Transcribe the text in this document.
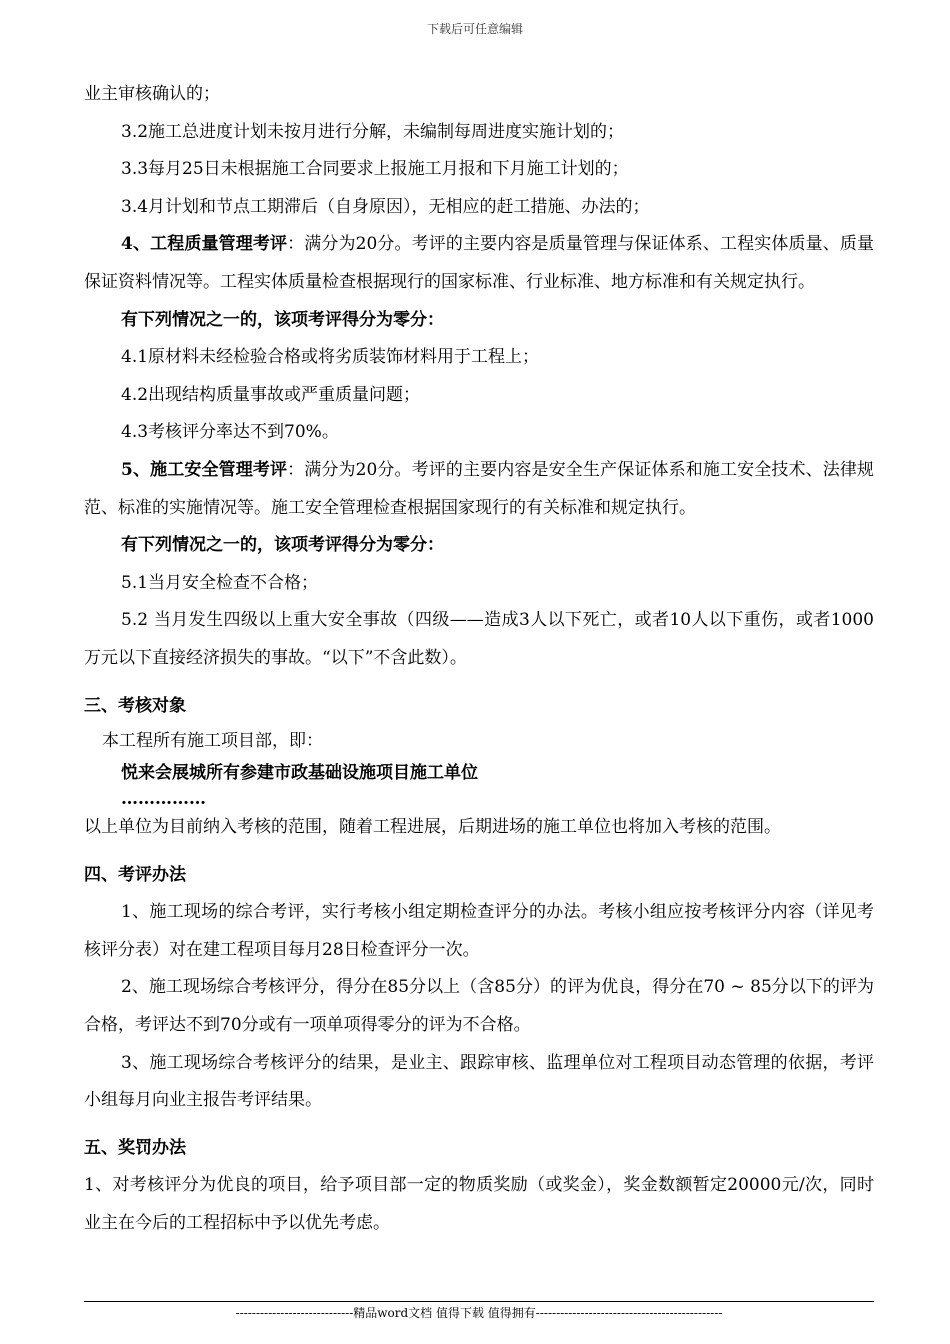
下载后可任意编辑

业主审核确认的；

3.2施工总进度计划未按月进行分解，未编制每周进度实施计划的；

3.3每月25日未根据施工合同要求上报施工月报和下月施工计划的；

3.4月计划和节点工期滞后（自身原因），无相应的赶工措施、办法的；

4、工程质量管理考评：满分为20分。考评的主要内容是质量管理与保证体系、工程实体质量、质量保证资料情况等。工程实体质量检查根据现行的国家标准、行业标准、地方标准和有关规定执行。

有下列情况之一的，该项考评得分为零分：

4.1原材料未经检验合格或将劣质装饰材料用于工程上；

4.2出现结构质量事故或严重质量问题；

4.3考核评分率达不到70%。

5、施工安全管理考评：满分为20分。考评的主要内容是安全生产保证体系和施工安全技术、法律规范、标准的实施情况等。施工安全管理检查根据国家现行的有关标准和规定执行。

有下列情况之一的，该项考评得分为零分：

5.1当月安全检查不合格；

5.2 当月发生四级以上重大安全事故（四级——造成3人以下死亡，或者10人以下重伤，或者1000万元以下直接经济损失的事故。“以下”不含此数）。

三、考核对象

本工程所有施工项目部，即：

悦来会展城所有参建市政基础设施项目施工单位

……………

以上单位为目前纳入考核的范围，随着工程进展，后期进场的施工单位也将加入考核的范围。

四、考评办法

1、施工现场的综合考评，实行考核小组定期检查评分的办法。考核小组应按考核评分内容（详见考核评分表）对在建工程项目每月28日检查评分一次。

2、施工现场综合考核评分，得分在85分以上（含85分）的评为优良，得分在70 ~ 85分以下的评为合格，考评达不到70分或有一项单项得零分的评为不合格。

3、施工现场综合考核评分的结果，是业主、跟踪审核、监理单位对工程项目动态管理的依据，考评小组每月向业主报告考评结果。

五、奖罚办法

1、对考核评分为优良的项目，给予项目部一定的物质奖励（或奖金），奖金数额暂定20000元/次，同时业主在今后的工程招标中予以优先考虑。

-----------------------------精品word文档 值得下载 值得拥有----------------------------------------------
